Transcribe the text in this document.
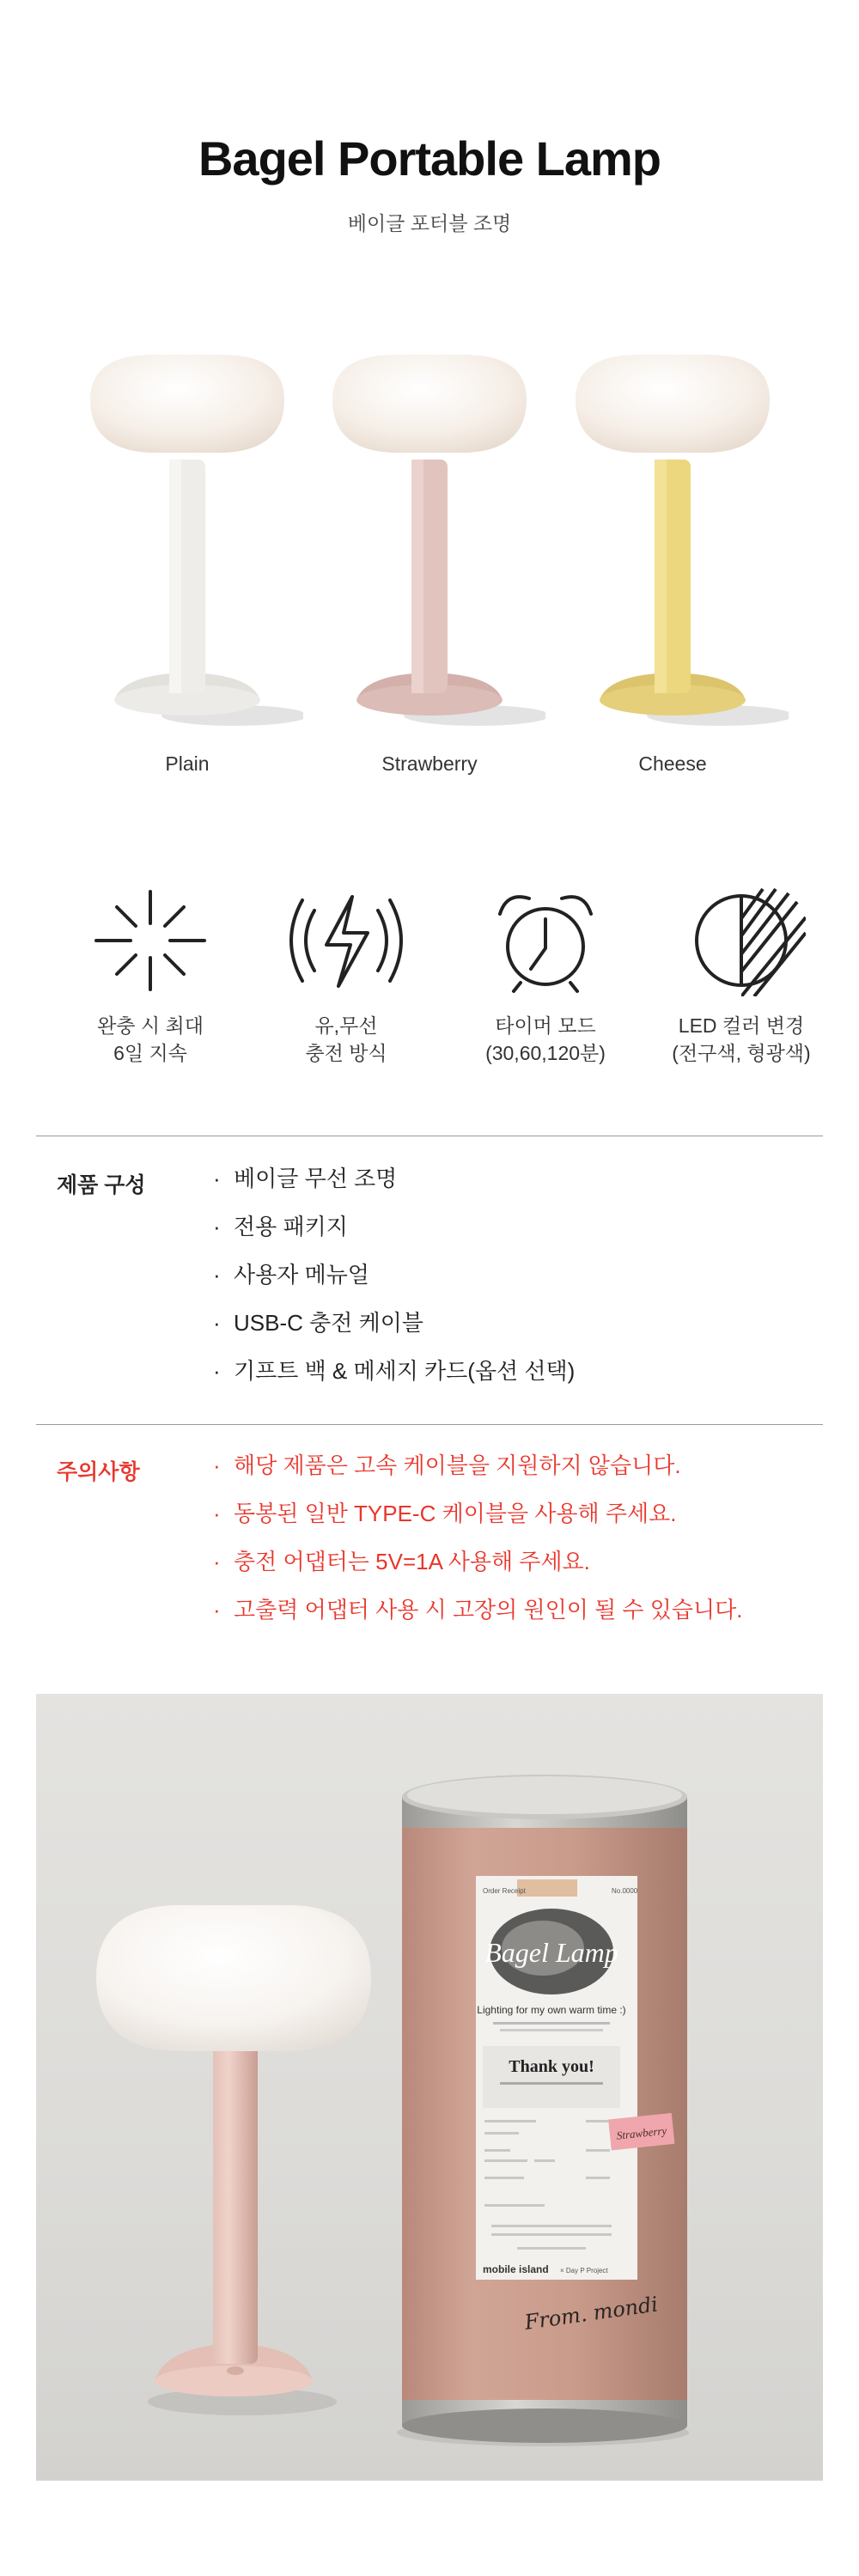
Bagel Portable Lamp
베이글 포터블 조명
Plain	Strawberry	Cheese
완충 시 최대
6일 지속
유,무선
충전 방식
타이머 모드
(30,60,120분)
LED 컬러 변경
(전구색, 형광색)
제품 구성	· 베이글 무선 조명
· 전용 패키지
· 사용자 메뉴얼
· USB-C 충전 케이블
· 기프트 백 & 메세지 카드(옵션 선택)
주의사항	· 해당 제품은 고속 케이블을 지원하지 않습니다.
· 동봉된 일반 TYPE-C 케이블을 사용해 주세요.
· 충전 어댑터는 5V=1A 사용해 주세요.
· 고출력 어댑터 사용 시 고장의 원인이 될 수 있습니다.
Order Receipt	No.0000
Bagel Lamp
Lighting for my own warm time :)
Thank you!
mobile island × Day P Project
Strawberry
From. mondi
